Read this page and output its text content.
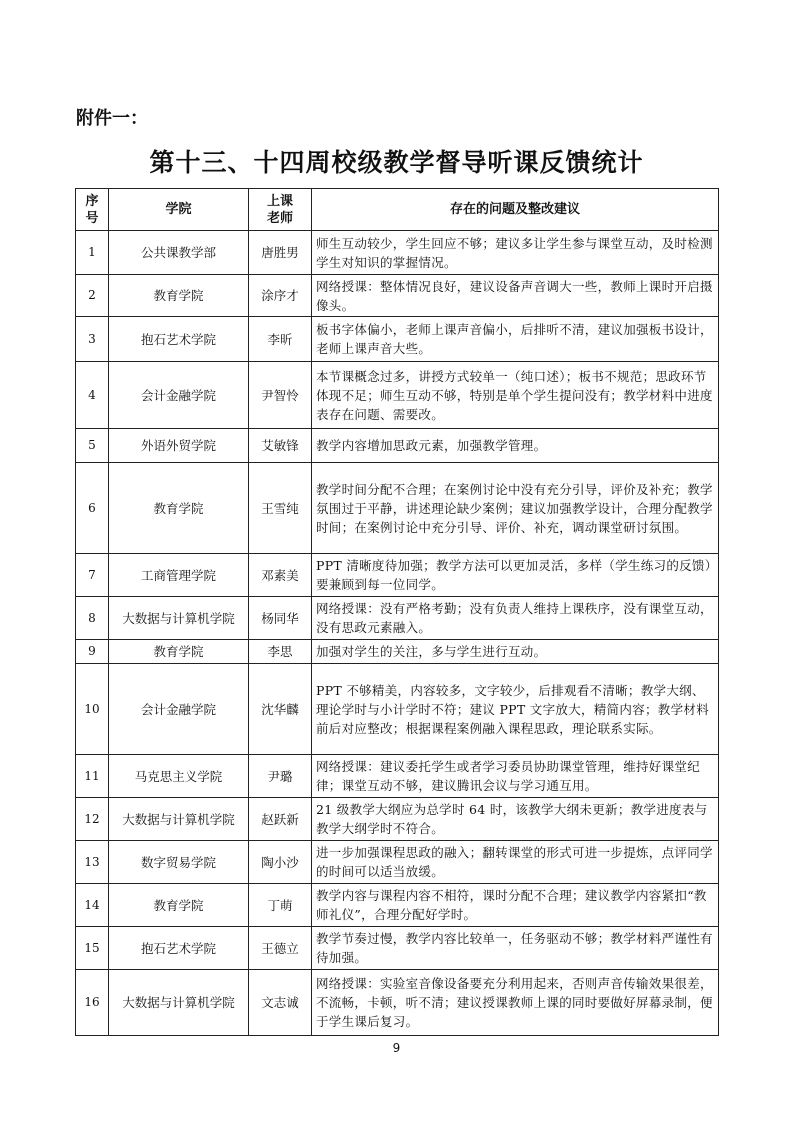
附件一：
第十三、十四周校级教学督导听课反馈统计
序号	学院	上课老师	存在的问题及整改建议
1	公共课教学部	唐胜男	师生互动较少，学生回应不够；建议多让学生参与课堂互动，及时检测学生对知识的掌握情况。
2	教育学院	涂序才	网络授课：整体情况良好，建议设备声音调大一些，教师上课时开启摄像头。
3	抱石艺术学院	李昕	板书字体偏小，老师上课声音偏小，后排听不清，建议加强板书设计，老师上课声音大些。
4	会计金融学院	尹智怜	本节课概念过多，讲授方式较单一（纯口述）；板书不规范；思政环节体现不足；师生互动不够，特别是单个学生提问没有；教学材料中进度表存在问题、需要改。
5	外语外贸学院	艾敏锋	教学内容增加思政元素，加强教学管理。
6	教育学院	王雪纯	教学时间分配不合理；在案例讨论中没有充分引导，评价及补充；教学氛围过于平静，讲述理论缺少案例；建议加强教学设计，合理分配教学时间；在案例讨论中充分引导、评价、补充，调动课堂研讨氛围。
7	工商管理学院	邓素美	PPT 清晰度待加强；教学方法可以更加灵活，多样（学生练习的反馈）要兼顾到每一位同学。
8	大数据与计算机学院	杨同华	网络授课：没有严格考勤；没有负责人维持上课秩序，没有课堂互动，没有思政元素融入。
9	教育学院	李思	加强对学生的关注，多与学生进行互动。
10	会计金融学院	沈华麟	PPT 不够精美，内容较多，文字较少，后排观看不清晰；教学大纲、理论学时与小计学时不符；建议 PPT 文字放大，精简内容；教学材料前后对应整改；根据课程案例融入课程思政，理论联系实际。
11	马克思主义学院	尹璐	网络授课：建议委托学生或者学习委员协助课堂管理，维持好课堂纪律；课堂互动不够，建议腾讯会议与学习通互用。
12	大数据与计算机学院	赵跃新	21 级教学大纲应为总学时 64 时，该教学大纲未更新；教学进度表与教学大纲学时不符合。
13	数字贸易学院	陶小沙	进一步加强课程思政的融入；翻转课堂的形式可进一步提炼，点评同学的时间可以适当放缓。
14	教育学院	丁萌	教学内容与课程内容不相符，课时分配不合理；建议教学内容紧扣“教师礼仪”，合理分配好学时。
15	抱石艺术学院	王德立	教学节奏过慢，教学内容比较单一，任务驱动不够；教学材料严谨性有待加强。
16	大数据与计算机学院	文志诚	网络授课：实验室音像设备要充分利用起来，否则声音传输效果很差，不流畅，卡顿，听不清；建议授课教师上课的同时要做好屏幕录制，便于学生课后复习。
9
